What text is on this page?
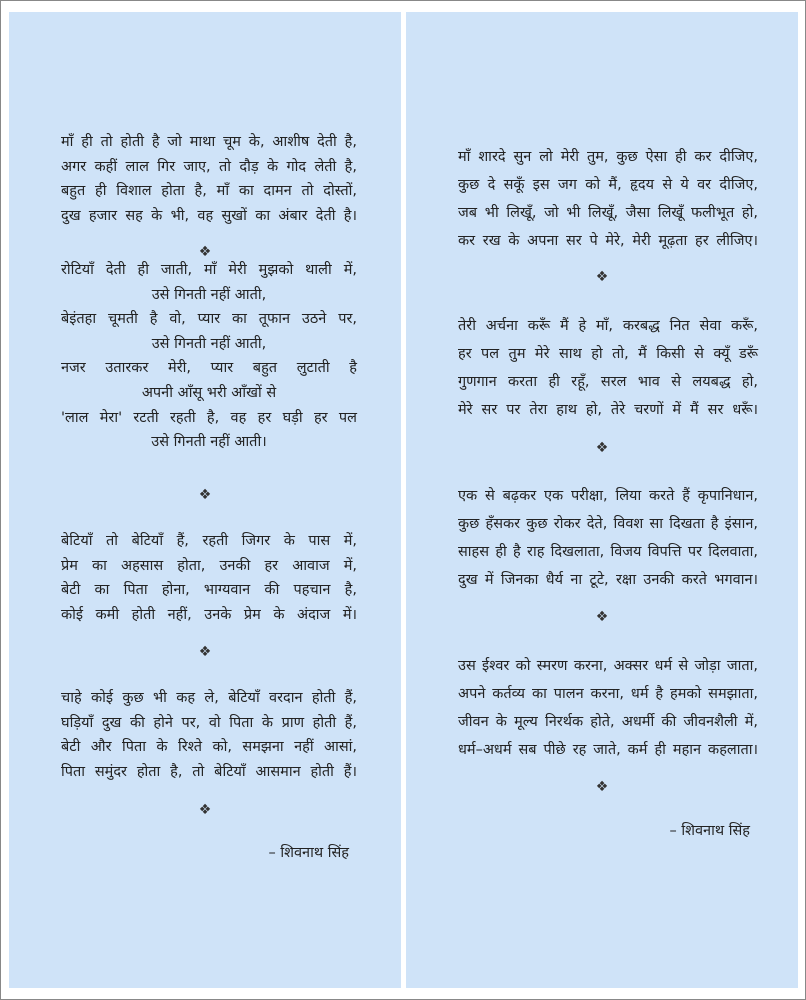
माँ ही तो होती है जो माथा चूम के, आशीष देती है,
अगर कहीं लाल गिर जाए, तो दौड़ के गोद लेती है,
बहुत ही विशाल होता है, माँ का दामन तो दोस्तों,
दुख हजार सह के भी, वह सुखों का अंबार देती है।
❖
रोटियाँ देती ही जाती, माँ मेरी मुझको थाली में,
उसे गिनती नहीं आती,
बेइंतहा चूमती है वो, प्यार का तूफान उठने पर,
उसे गिनती नहीं आती,
नजर उतारकर मेरी, प्यार बहुत लुटाती है
अपनी आँसू भरी आँखों से
'लाल मेरा' रटती रहती है, वह हर घड़ी हर पल
उसे गिनती नहीं आती।
❖
बेटियाँ तो बेटियाँ हैं, रहती जिगर के पास में,
प्रेम का अहसास होता, उनकी हर आवाज में,
बेटी का पिता होना, भाग्यवान की पहचान है,
कोई कमी होती नहीं, उनके प्रेम के अंदाज में।
❖
चाहे कोई कुछ भी कह ले, बेटियाँ वरदान होती हैं,
घड़ियाँ दुख की होने पर, वो पिता के प्राण होती हैं,
बेटी और पिता के रिश्ते को, समझना नहीं आसां,
पिता समुंदर होता है, तो बेटियाँ आसमान होती हैं।
❖
– शिवनाथ सिंह
माँ शारदे सुन लो मेरी तुम, कुछ ऐसा ही कर दीजिए,
कुछ दे सकूँ इस जग को मैं, हृदय से ये वर दीजिए,
जब भी लिखूँ, जो भी लिखूँ, जैसा लिखूँ फलीभूत हो,
कर रख के अपना सर पे मेरे, मेरी मूढ़ता हर लीजिए।
❖
तेरी अर्चना करूँ मैं हे माँ, करबद्ध नित सेवा करूँ,
हर पल तुम मेरे साथ हो तो, मैं किसी से क्यूँ डरूँ
गुणगान करता ही रहूँ, सरल भाव से लयबद्ध हो,
मेरे सर पर तेरा हाथ हो, तेरे चरणों में मैं सर धरूँ।
❖
एक से बढ़कर एक परीक्षा, लिया करते हैं कृपानिधान,
कुछ हँसकर कुछ रोकर देते, विवश सा दिखता है इंसान,
साहस ही है राह दिखलाता, विजय विपत्ति पर दिलवाता,
दुख में जिनका धैर्य ना टूटे, रक्षा उनकी करते भगवान।
❖
उस ईश्वर को स्मरण करना, अक्सर धर्म से जोड़ा जाता,
अपने कर्तव्य का पालन करना, धर्म है हमको समझाता,
जीवन के मूल्य निरर्थक होते, अधर्मी की जीवनशैली में,
धर्म–अधर्म सब पीछे रह जाते, कर्म ही महान कहलाता।
❖
– शिवनाथ सिंह
